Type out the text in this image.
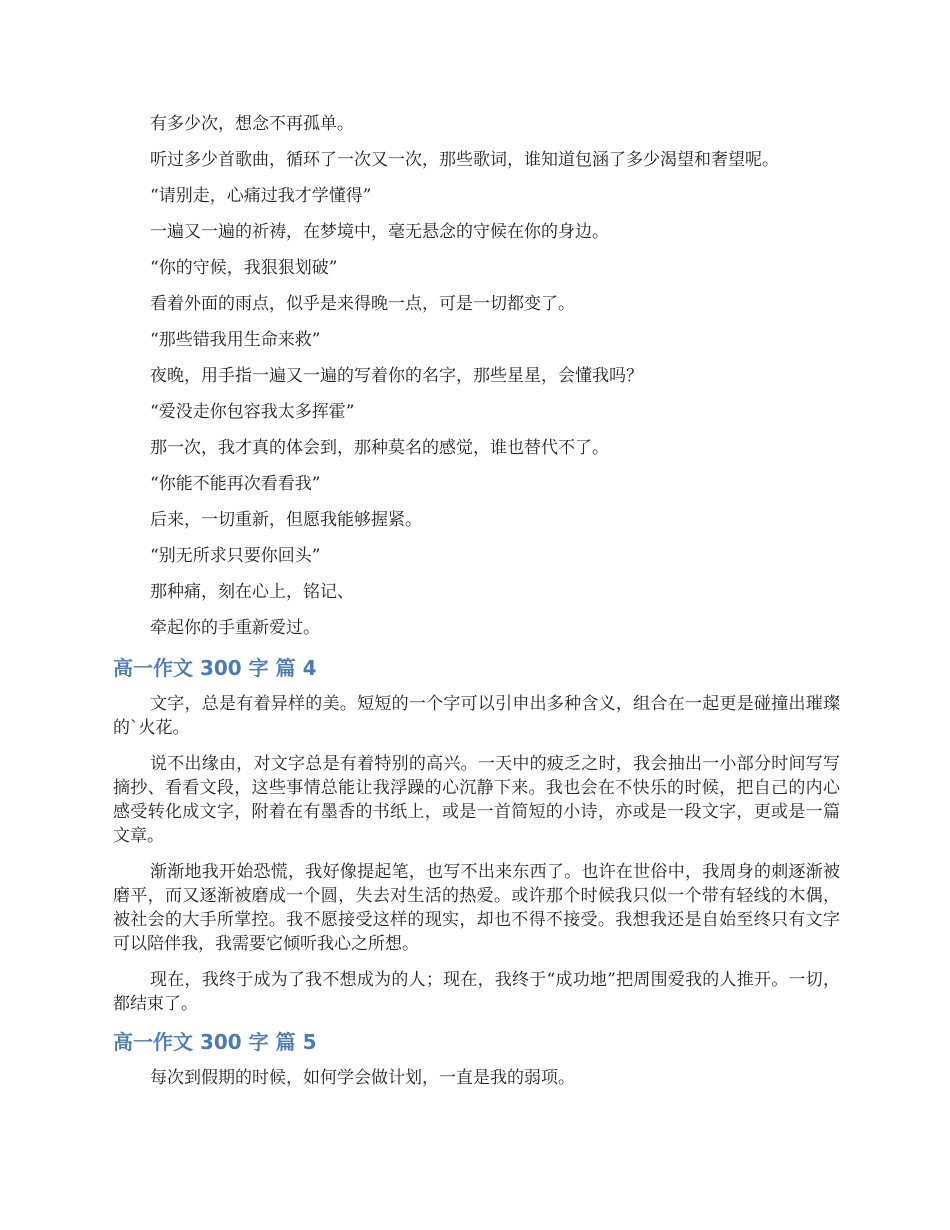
有多少次，想念不再孤单。

听过多少首歌曲，循环了一次又一次，那些歌词，谁知道包涵了多少渴望和奢望呢。

“请别走，心痛过我才学懂得”

一遍又一遍的祈祷，在梦境中，毫无悬念的守候在你的身边。

“你的守候，我狠狠划破”

看着外面的雨点，似乎是来得晚一点，可是一切都变了。

“那些错我用生命来救”

夜晚，用手指一遍又一遍的写着你的名字，那些星星，会懂我吗？

“爱没走你包容我太多挥霍”

那一次，我才真的体会到，那种莫名的感觉，谁也替代不了。

“你能不能再次看看我”

后来，一切重新，但愿我能够握紧。

“别无所求只要你回头”

那种痛，刻在心上，铭记、

牵起你的手重新爱过。

高一作文 300 字 篇 4

文字，总是有着异样的美。短短的一个字可以引申出多种含义，组合在一起更是碰撞出璀璨的`火花。

说不出缘由，对文字总是有着特别的高兴。一天中的疲乏之时，我会抽出一小部分时间写写摘抄、看看文段，这些事情总能让我浮躁的心沉静下来。我也会在不快乐的时候，把自己的内心感受转化成文字，附着在有墨香的书纸上，或是一首简短的小诗，亦或是一段文字，更或是一篇文章。

渐渐地我开始恐慌，我好像提起笔，也写不出来东西了。也许在世俗中，我周身的刺逐渐被磨平，而又逐渐被磨成一个圆，失去对生活的热爱。或许那个时候我只似一个带有轻线的木偶，被社会的大手所掌控。我不愿接受这样的现实，却也不得不接受。我想我还是自始至终只有文字可以陪伴我，我需要它倾听我心之所想。

现在，我终于成为了我不想成为的人；现在，我终于“成功地”把周围爱我的人推开。一切，都结束了。

高一作文 300 字 篇 5

每次到假期的时候，如何学会做计划，一直是我的弱项。
